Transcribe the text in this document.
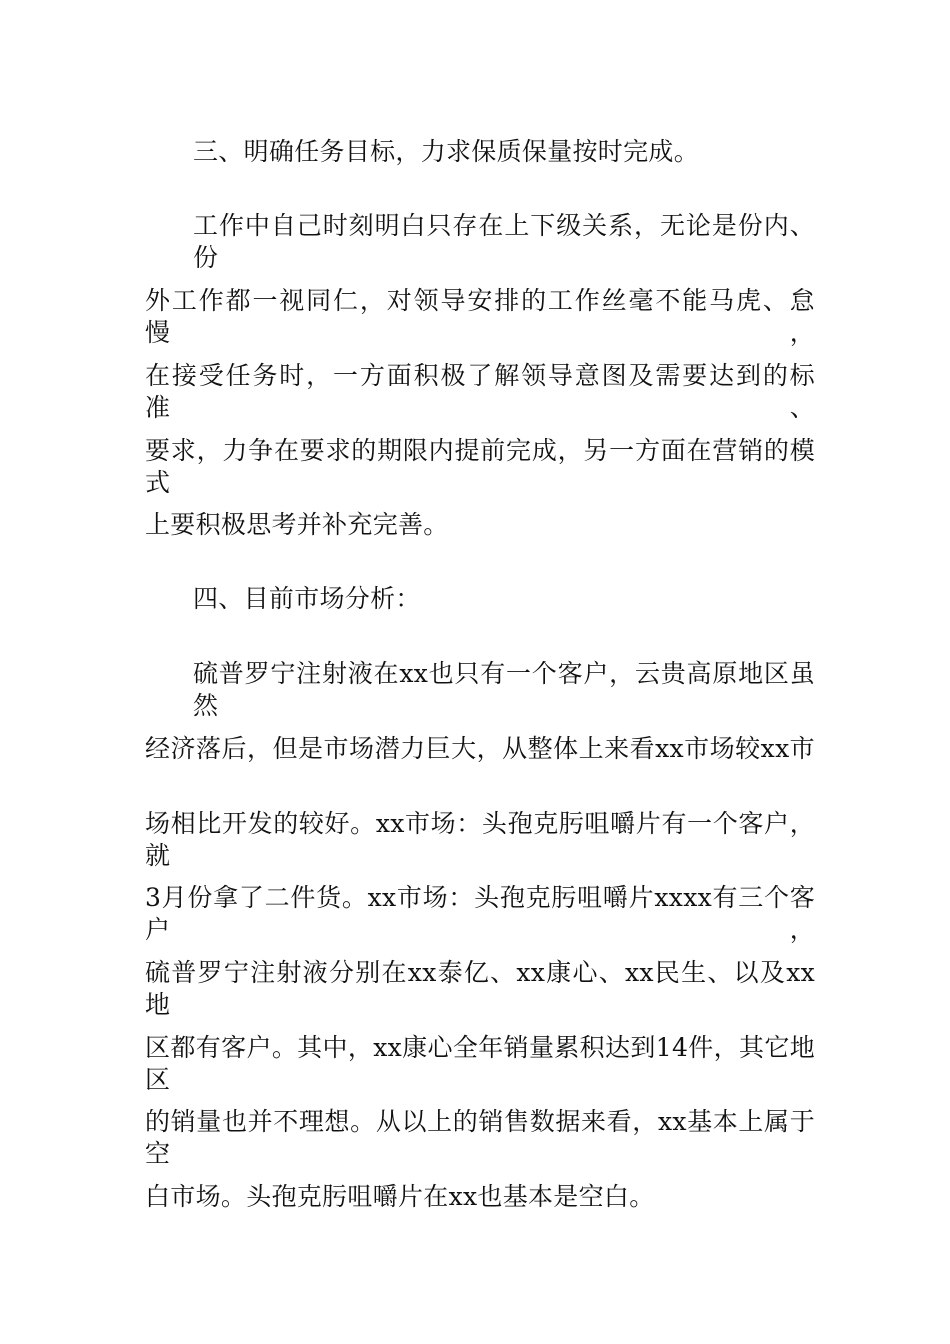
三、明确任务目标，力求保质保量按时完成。
工作中自己时刻明白只存在上下级关系，无论是份内、份
外工作都一视同仁，对领导安排的工作丝毫不能马虎、怠慢，
在接受任务时，一方面积极了解领导意图及需要达到的标准、
要求，力争在要求的期限内提前完成，另一方面在营销的模式
上要积极思考并补充完善。
四、目前市场分析：
硫普罗宁注射液在xx也只有一个客户，云贵高原地区虽然
经济落后，但是市场潜力巨大，从整体上来看xx市场较xx市
场相比开发的较好。xx市场：头孢克肟咀嚼片有一个客户，就
3月份拿了二件货。xx市场：头孢克肟咀嚼片xxxx有三个客户，
硫普罗宁注射液分别在xx泰亿、xx康心、xx民生、以及xx地
区都有客户。其中，xx康心全年销量累积达到14件，其它地区
的销量也并不理想。从以上的销售数据来看，xx基本上属于空
白市场。头孢克肟咀嚼片在xx也基本是空白。
